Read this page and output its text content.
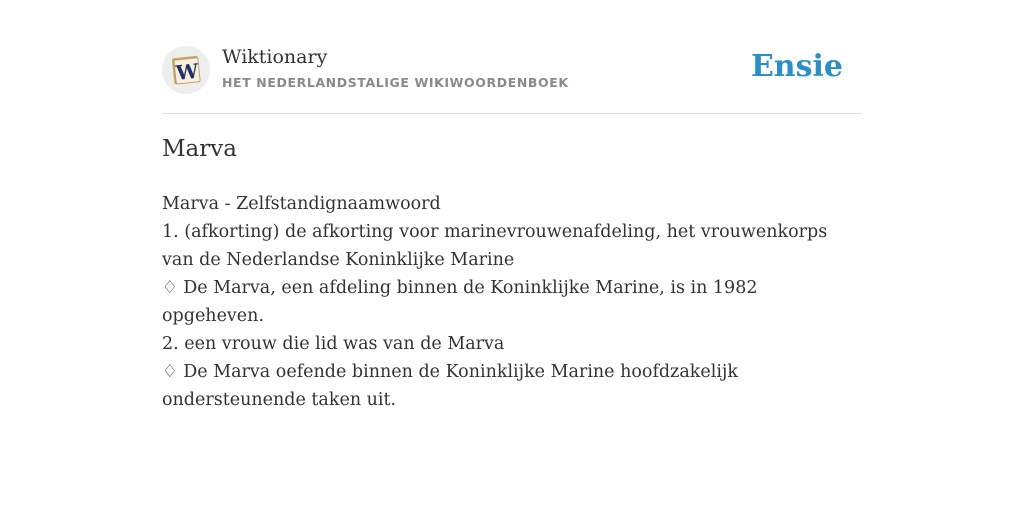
W
Wiktionary
HET NEDERLANDSTALIGE WIKIWOORDENBOEK	Ensie
Marva

Marva - Zelfstandignaamwoord

1. (afkorting) de afkorting voor marinevrouwenafdeling, het vrouwenkorps van de Nederlandse Koninklijke Marine

♢ De Marva, een afdeling binnen de Koninklijke Marine, is in 1982 opgeheven.

2. een vrouw die lid was van de Marva

♢ De Marva oefende binnen de Koninklijke Marine hoofdzakelijk ondersteunende taken uit.
